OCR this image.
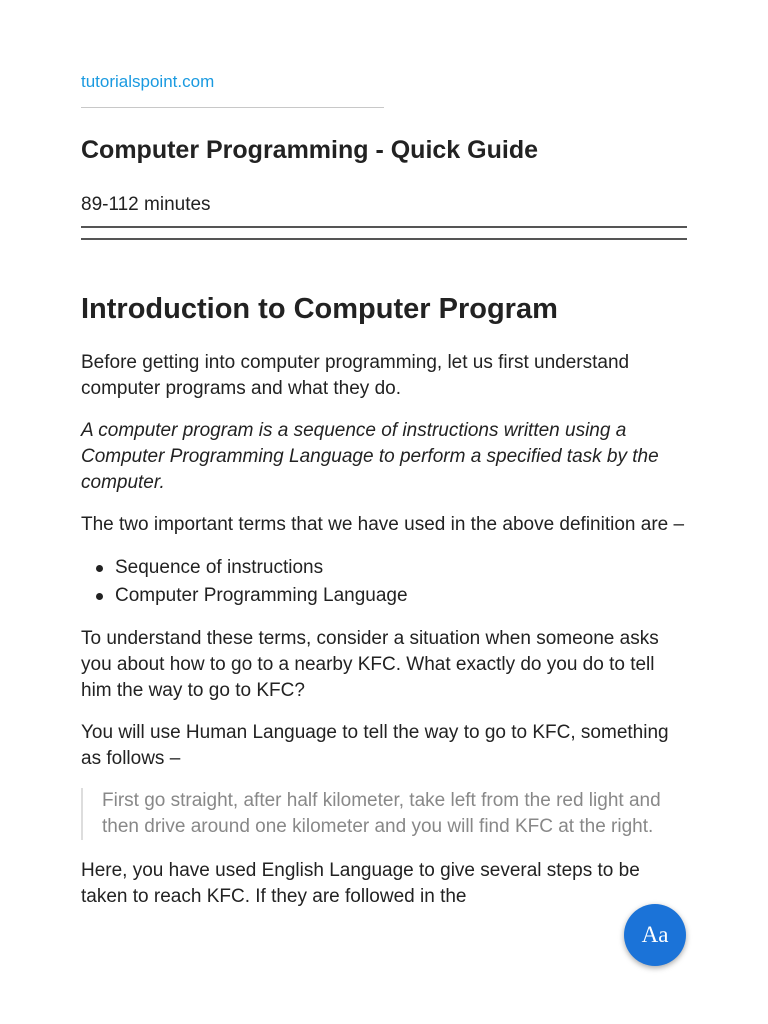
tutorialspoint.com
Computer Programming - Quick Guide
89-112 minutes
Introduction to Computer Program

Before getting into computer programming, let us first understand computer programs and what they do.

A computer program is a sequence of instructions written using a Computer Programming Language to perform a specified task by the computer.

The two important terms that we have used in the above definition are –

Sequence of instructions
Computer Programming Language

To understand these terms, consider a situation when someone asks you about how to go to a nearby KFC. What exactly do you do to tell him the way to go to KFC?

You will use Human Language to tell the way to go to KFC, something as follows –

First go straight, after half kilometer, take left from the red light and then drive around one kilometer and you will find KFC at the right.

Here, you have used English Language to give several steps to be taken to reach KFC. If they are followed in the

Aa
